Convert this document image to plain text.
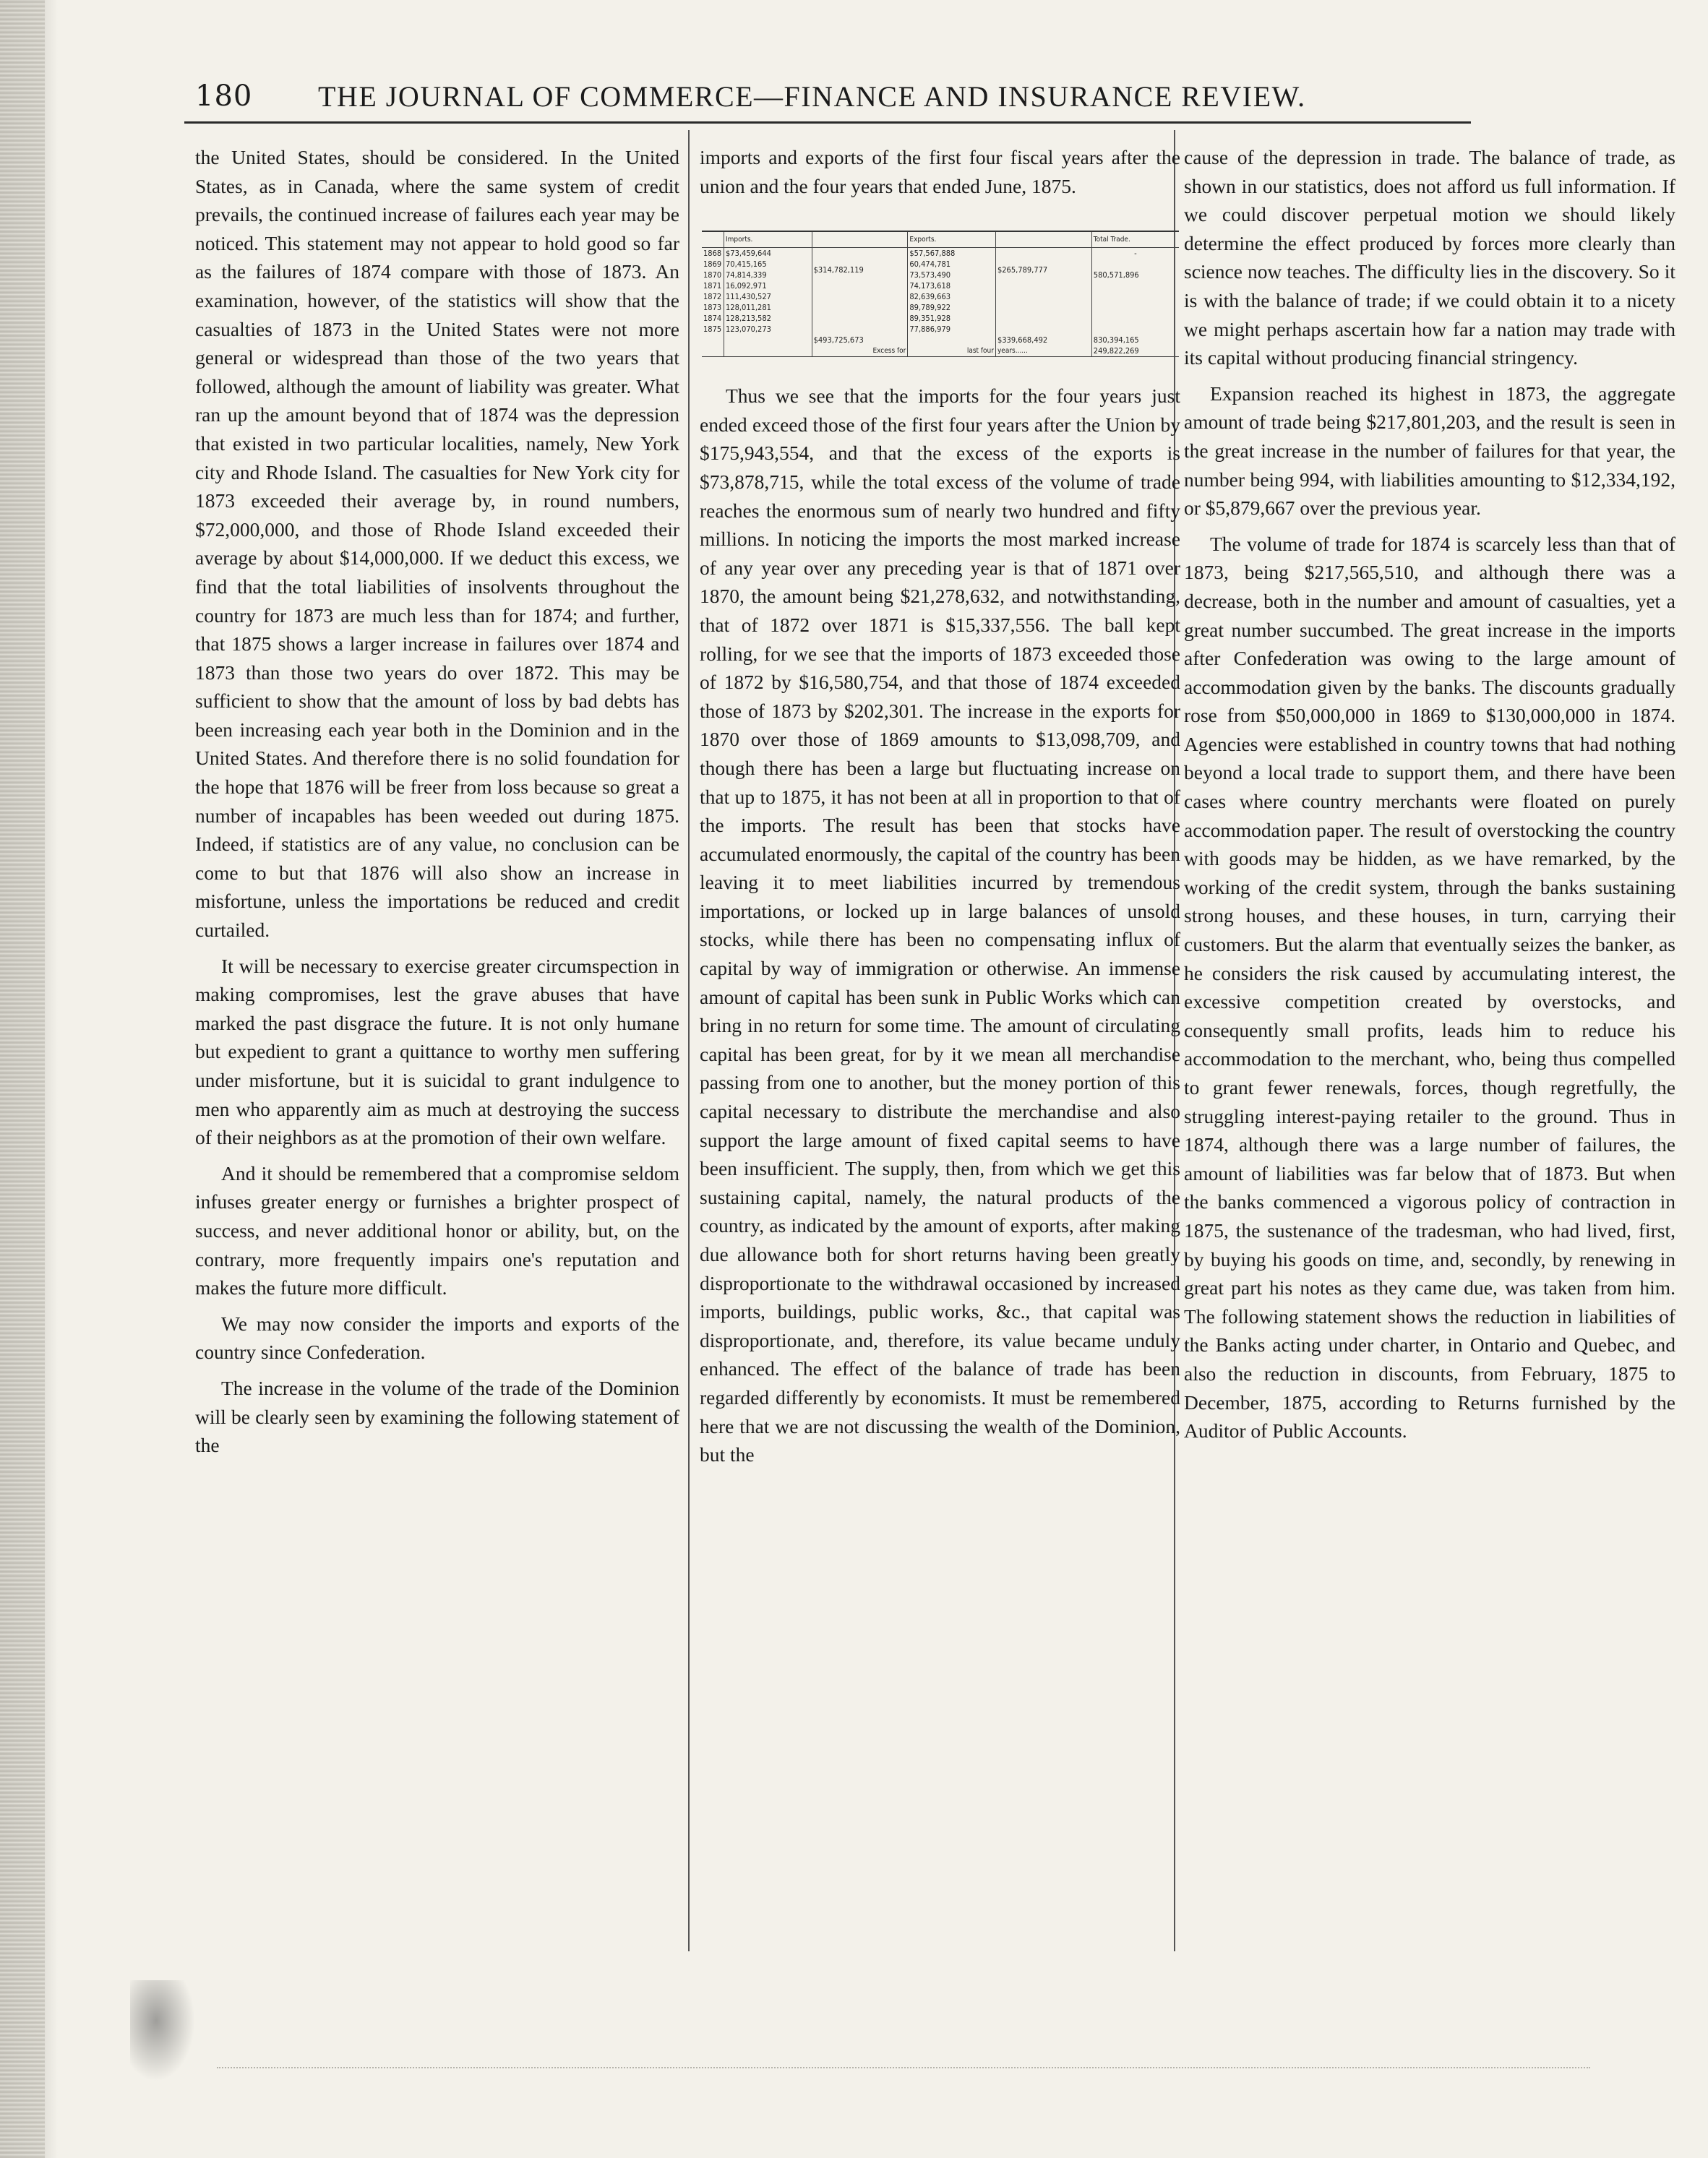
180 THE JOURNAL OF COMMERCE—FINANCE AND INSURANCE REVIEW.

the United States, should be considered. In the United States, as in Canada, where the same system of credit prevails, the continued increase of failures each year may be noticed. This statement may not appear to hold good so far as the failures of 1874 compare with those of 1873. An examination, however, of the statistics will show that the casualties of 1873 in the United States were not more general or widespread than those of the two years that followed, although the amount of liability was greater. What ran up the amount beyond that of 1874 was the depression that existed in two particular localities, namely, New York city and Rhode Island. The casualties for New York city for 1873 exceeded their average by, in round numbers, $72,000,000, and those of Rhode Island exceeded their average by about $14,000,000. If we deduct this excess, we find that the total liabilities of insolvents throughout the country for 1873 are much less than for 1874; and further, that 1875 shows a larger increase in failures over 1874 and 1873 than those two years do over 1872. This may be sufficient to show that the amount of loss by bad debts has been increasing each year both in the Dominion and in the United States. And therefore there is no solid foundation for the hope that 1876 will be freer from loss because so great a number of incapables has been weeded out during 1875. Indeed, if statistics are of any value, no conclusion can be come to but that 1876 will also show an increase in misfortune, unless the importations be reduced and credit curtailed.

It will be necessary to exercise greater circumspection in making compromises, lest the grave abuses that have marked the past disgrace the future. It is not only humane but expedient to grant a quittance to worthy men suffering under misfortune, but it is suicidal to grant indulgence to men who apparently aim as much at destroying the success of their neighbors as at the promotion of their own welfare.

And it should be remembered that a compromise seldom infuses greater energy or furnishes a brighter prospect of success, and never additional honor or ability, but, on the contrary, more frequently impairs one's reputation and makes the future more difficult.

We may now consider the imports and exports of the country since Confederation.

The increase in the volume of the trade of the Dominion will be clearly seen by examining the following statement of the

imports and exports of the first four fiscal years after the union and the four years that ended June, 1875.

	Imports.		Exports.		Total Trade.
1868	$73,459,644	$314,782,119	$57,567,888	$265,789,777	-
1869	70,415,165		60,474,781		580,571,896
1870	74,814,339		73,573,490		
1871	16,092,971		74,173,618		
1872	111,430,527		82,639,663		
1873	128,011,281		89,789,922		
1874	128,213,582		89,351,928		
1875	123,070,273		77,886,979		
		$493,725,673		$339,668,492	830,394,165
		Excess for	last four	years......	249,822,269

Thus we see that the imports for the four years just ended exceed those of the first four years after the Union by $175,943,554, and that the excess of the exports is $73,878,715, while the total excess of the volume of trade reaches the enormous sum of nearly two hundred and fifty millions. In noticing the imports the most marked increase of any year over any preceding year is that of 1871 over 1870, the amount being $21,278,632, and notwithstanding, that of 1872 over 1871 is $15,337,556. The ball kept rolling, for we see that the imports of 1873 exceeded those of 1872 by $16,580,754, and that those of 1874 exceeded those of 1873 by $202,301. The increase in the exports for 1870 over those of 1869 amounts to $13,098,709, and though there has been a large but fluctuating increase on that up to 1875, it has not been at all in proportion to that of the imports. The result has been that stocks have accumulated enormously, the capital of the country has been leaving it to meet liabilities incurred by tremendous importations, or locked up in large balances of unsold stocks, while there has been no compensating influx of capital by way of immigration or otherwise. An immense amount of capital has been sunk in Public Works which can bring in no return for some time. The amount of circulating capital has been great, for by it we mean all merchandise passing from one to another, but the money portion of this capital necessary to distribute the merchandise and also support the large amount of fixed capital seems to have been insufficient. The supply, then, from which we get this sustaining capital, namely, the natural products of the country, as indicated by the amount of exports, after making due allowance both for short returns having been greatly disproportionate to the withdrawal occasioned by increased imports, buildings, public works, &c., that capital was disproportionate, and, therefore, its value became unduly enhanced. The effect of the balance of trade has been regarded differently by economists. It must be remembered here that we are not discussing the wealth of the Dominion, but the

cause of the depression in trade. The balance of trade, as shown in our statistics, does not afford us full information. If we could discover perpetual motion we should likely determine the effect produced by forces more clearly than science now teaches. The difficulty lies in the discovery. So it is with the balance of trade; if we could obtain it to a nicety we might perhaps ascertain how far a nation may trade with its capital without producing financial stringency.

Expansion reached its highest in 1873, the aggregate amount of trade being $217,801,203, and the result is seen in the great increase in the number of failures for that year, the number being 994, with liabilities amounting to $12,334,192, or $5,879,667 over the previous year.

The volume of trade for 1874 is scarcely less than that of 1873, being $217,565,510, and although there was a decrease, both in the number and amount of casualties, yet a great number succumbed. The great increase in the imports after Confederation was owing to the large amount of accommodation given by the banks. The discounts gradually rose from $50,000,000 in 1869 to $130,000,000 in 1874. Agencies were established in country towns that had nothing beyond a local trade to support them, and there have been cases where country merchants were floated on purely accommodation paper. The result of overstocking the country with goods may be hidden, as we have remarked, by the working of the credit system, through the banks sustaining strong houses, and these houses, in turn, carrying their customers. But the alarm that eventually seizes the banker, as he considers the risk caused by accumulating interest, the excessive competition created by overstocks, and consequently small profits, leads him to reduce his accommodation to the merchant, who, being thus compelled to grant fewer renewals, forces, though regretfully, the struggling interest-paying retailer to the ground. Thus in 1874, although there was a large number of failures, the amount of liabilities was far below that of 1873. But when the banks commenced a vigorous policy of contraction in 1875, the sustenance of the tradesman, who had lived, first, by buying his goods on time, and, secondly, by renewing in great part his notes as they came due, was taken from him. The following statement shows the reduction in liabilities of the Banks acting under charter, in Ontario and Quebec, and also the reduction in discounts, from February, 1875 to December, 1875, according to Returns furnished by the Auditor of Public Accounts.
